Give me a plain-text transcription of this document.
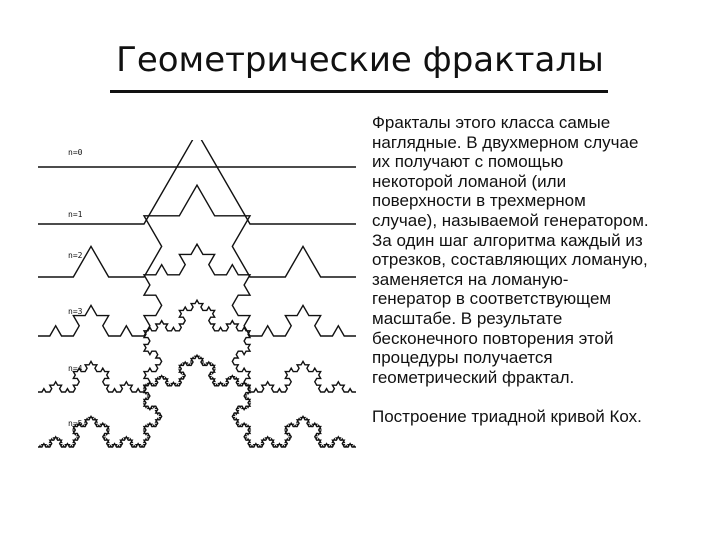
Геометрические фракталы
n=0
n=1
n=2
n=3
n=4
n=5

Фракталы этого класса самые

наглядные. В двухмерном случае

их получают с помощью

некоторой ломаной (или

поверхности в трехмерном

случае), называемой генератором.

За один шаг алгоритма каждый из

отрезков, составляющих ломаную,

заменяется на ломаную-

генератор в соответствующем

масштабе. В результате

бесконечного повторения этой

процедуры получается

геометрический фрактал.

Построение триадной кривой Кох.
